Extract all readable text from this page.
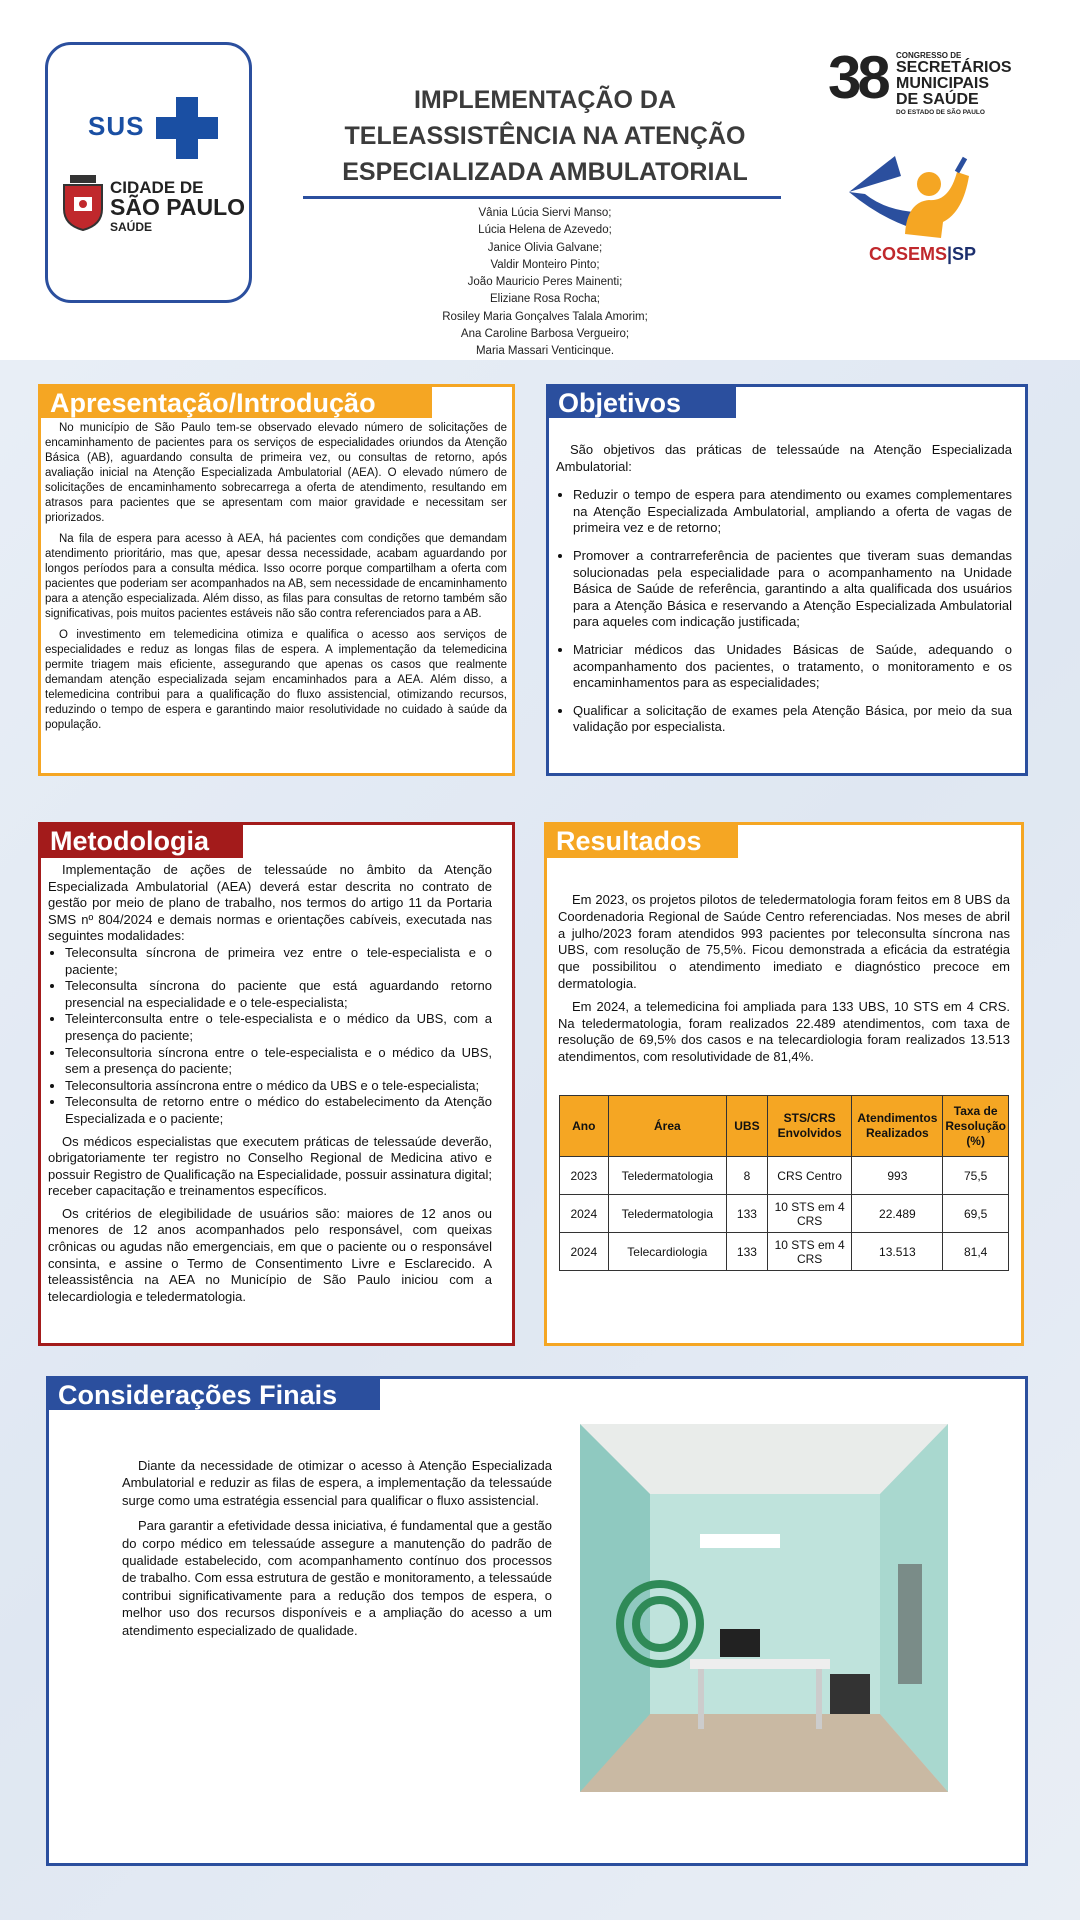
SUS
CIDADE DE
SÃO PAULO
SAÚDE
IMPLEMENTAÇÃO DA
TELEASSISTÊNCIA NA ATENÇÃO
ESPECIALIZADA AMBULATORIAL
Vânia Lúcia Siervi Manso;
Lúcia Helena de Azevedo;
Janice Olivia Galvane;
Valdir Monteiro Pinto;
João Mauricio Peres Mainenti;
Eliziane Rosa Rocha;
Rosiley Maria Gonçalves Talala Amorim;
Ana Caroline Barbosa Vergueiro;
Maria Massari Venticinque.
38 CONGRESSO DE
SECRETÁRIOS
MUNICIPAIS
DE SAÚDE
DO ESTADO DE SÃO PAULO
COSEMS|SP
Apresentação/Introdução

No município de São Paulo tem-se observado elevado número de solicitações de encaminhamento de pacientes para os serviços de especialidades oriundos da Atenção Básica (AB), aguardando consulta de primeira vez, ou consultas de retorno, após avaliação inicial na Atenção Especializada Ambulatorial (AEA). O elevado número de solicitações de encaminhamento sobrecarrega a oferta de atendimento, resultando em atrasos para pacientes que se apresentam com maior gravidade e necessitam ser priorizados.

Na fila de espera para acesso à AEA, há pacientes com condições que demandam atendimento prioritário, mas que, apesar dessa necessidade, acabam aguardando por longos períodos para a consulta médica. Isso ocorre porque compartilham a oferta com pacientes que poderiam ser acompanhados na AB, sem necessidade de encaminhamento para a atenção especializada. Além disso, as filas para consultas de retorno também são significativas, pois muitos pacientes estáveis não são contra referenciados para a AB.

O investimento em telemedicina otimiza e qualifica o acesso aos serviços de especialidades e reduz as longas filas de espera. A implementação da telemedicina permite triagem mais eficiente, assegurando que apenas os casos que realmente demandam atenção especializada sejam encaminhados para a AEA. Além disso, a telemedicina contribui para a qualificação do fluxo assistencial, otimizando recursos, reduzindo o tempo de espera e garantindo maior resolutividade no cuidado à saúde da população.

Objetivos

São objetivos das práticas de telessaúde na Atenção Especializada Ambulatorial:

• Reduzir o tempo de espera para atendimento ou exames complementares na Atenção Especializada Ambulatorial, ampliando a oferta de vagas de primeira vez e de retorno;
• Promover a contrarreferência de pacientes que tiveram suas demandas solucionadas pela especialidade para o acompanhamento na Unidade Básica de Saúde de referência, garantindo a alta qualificada dos usuários para a Atenção Básica e reservando a Atenção Especializada Ambulatorial para aqueles com indicação justificada;
• Matriciar médicos das Unidades Básicas de Saúde, adequando o acompanhamento dos pacientes, o tratamento, o monitoramento e os encaminhamentos para as especialidades;
• Qualificar a solicitação de exames pela Atenção Básica, por meio da sua validação por especialista.
Metodologia

Implementação de ações de telessaúde no âmbito da Atenção Especializada Ambulatorial (AEA) deverá estar descrita no contrato de gestão por meio de plano de trabalho, nos termos do artigo 11 da Portaria SMS nº 804/2024 e demais normas e orientações cabíveis, executada nas seguintes modalidades:

• Teleconsulta síncrona de primeira vez entre o tele-especialista e o paciente;
• Teleconsulta síncrona do paciente que está aguardando retorno presencial na especialidade e o tele-especialista;
• Teleinterconsulta entre o tele-especialista e o médico da UBS, com a presença do paciente;
• Teleconsultoria síncrona entre o tele-especialista e o médico da UBS, sem a presença do paciente;
• Teleconsultoria assíncrona entre o médico da UBS e o tele-especialista;
• Teleconsulta de retorno entre o médico do estabelecimento da Atenção Especializada e o paciente;

Os médicos especialistas que executem práticas de telessaúde deverão, obrigatoriamente ter registro no Conselho Regional de Medicina ativo e possuir Registro de Qualificação na Especialidade, possuir assinatura digital; receber capacitação e treinamentos específicos.

Os critérios de elegibilidade de usuários são: maiores de 12 anos ou menores de 12 anos acompanhados pelo responsável, com queixas crônicas ou agudas não emergenciais, em que o paciente ou o responsável consinta, e assine o Termo de Consentimento Livre e Esclarecido. A teleassistência na AEA no Município de São Paulo iniciou com a telecardiologia e teledermatologia.

Resultados

Em 2023, os projetos pilotos de teledermatologia foram feitos em 8 UBS da Coordenadoria Regional de Saúde Centro referenciadas. Nos meses de abril a julho/2023 foram atendidos 993 pacientes por teleconsulta síncrona nas UBS, com resolução de 75,5%. Ficou demonstrada a eficácia da estratégia que possibilitou o atendimento imediato e diagnóstico precoce em dermatologia.

Em 2024, a telemedicina foi ampliada para 133 UBS, 10 STS em 4 CRS. Na teledermatologia, foram realizados 22.489 atendimentos, com taxa de resolução de 69,5% dos casos e na telecardiologia foram realizados 13.513 atendimentos, com resolutividade de 81,4%.

Ano	Área	UBS	STS/CRS Envolvidos	Atendimentos Realizados	Taxa de Resolução (%)
2023	Teledermatologia	8	CRS Centro	993	75,5
2024	Teledermatologia	133	10 STS em 4 CRS	22.489	69,5
2024	Telecardiologia	133	10 STS em 4 CRS	13.513	81,4
Considerações Finais

Diante da necessidade de otimizar o acesso à Atenção Especializada Ambulatorial e reduzir as filas de espera, a implementação da telessaúde surge como uma estratégia essencial para qualificar o fluxo assistencial.

Para garantir a efetividade dessa iniciativa, é fundamental que a gestão do corpo médico em telessaúde assegure a manutenção do padrão de qualidade estabelecido, com acompanhamento contínuo dos processos de trabalho. Com essa estrutura de gestão e monitoramento, a telessaúde contribui significativamente para a redução dos tempos de espera, o melhor uso dos recursos disponíveis e a ampliação do acesso a um atendimento especializado de qualidade.
